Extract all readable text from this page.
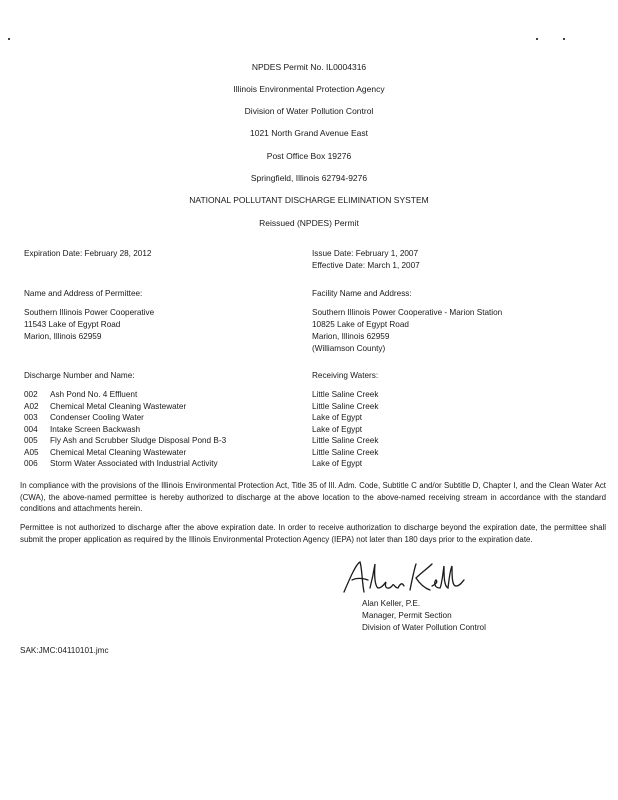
NPDES Permit No. IL0004316
Illinois Environmental Protection Agency
Division of Water Pollution Control
1021 North Grand Avenue East
Post Office Box 19276
Springfield, Illinois 62794-9276
NATIONAL POLLUTANT DISCHARGE ELIMINATION SYSTEM
Reissued (NPDES) Permit
Expiration Date: February 28, 2012	Issue Date: February 1, 2007
Effective Date: March 1, 2007
Name and Address of Permittee:
Southern Illinois Power Cooperative
11543 Lake of Egypt Road
Marion, Illinois 62959
Facility Name and Address:
Southern Illinois Power Cooperative - Marion Station
10825 Lake of Egypt Road
Marion, Illinois 62959
(Williamson County)
Discharge Number and Name:	Receiving Waters:
002 Ash Pond No. 4 Effluent
A02 Chemical Metal Cleaning Wastewater
003 Condenser Cooling Water
004 Intake Screen Backwash
005 Fly Ash and Scrubber Sludge Disposal Pond B-3
A05 Chemical Metal Cleaning Wastewater
006 Storm Water Associated with Industrial Activity
Little Saline Creek
Little Saline Creek
Lake of Egypt
Lake of Egypt
Little Saline Creek
Little Saline Creek
Lake of Egypt
In compliance with the provisions of the Illinois Environmental Protection Act, Title 35 of Ill. Adm. Code, Subtitle C and/or Subtitle D, Chapter I, and the Clean Water Act (CWA), the above-named permittee is hereby authorized to discharge at the above location to the above-named receiving stream in accordance with the standard conditions and attachments herein.
Permittee is not authorized to discharge after the above expiration date. In order to receive authorization to discharge beyond the expiration date, the permittee shall submit the proper application as required by the Illinois Environmental Protection Agency (IEPA) not later than 180 days prior to the expiration date.
Alan Keller, P.E.
Manager, Permit Section
Division of Water Pollution Control
SAK:JMC:04110101.jmc
